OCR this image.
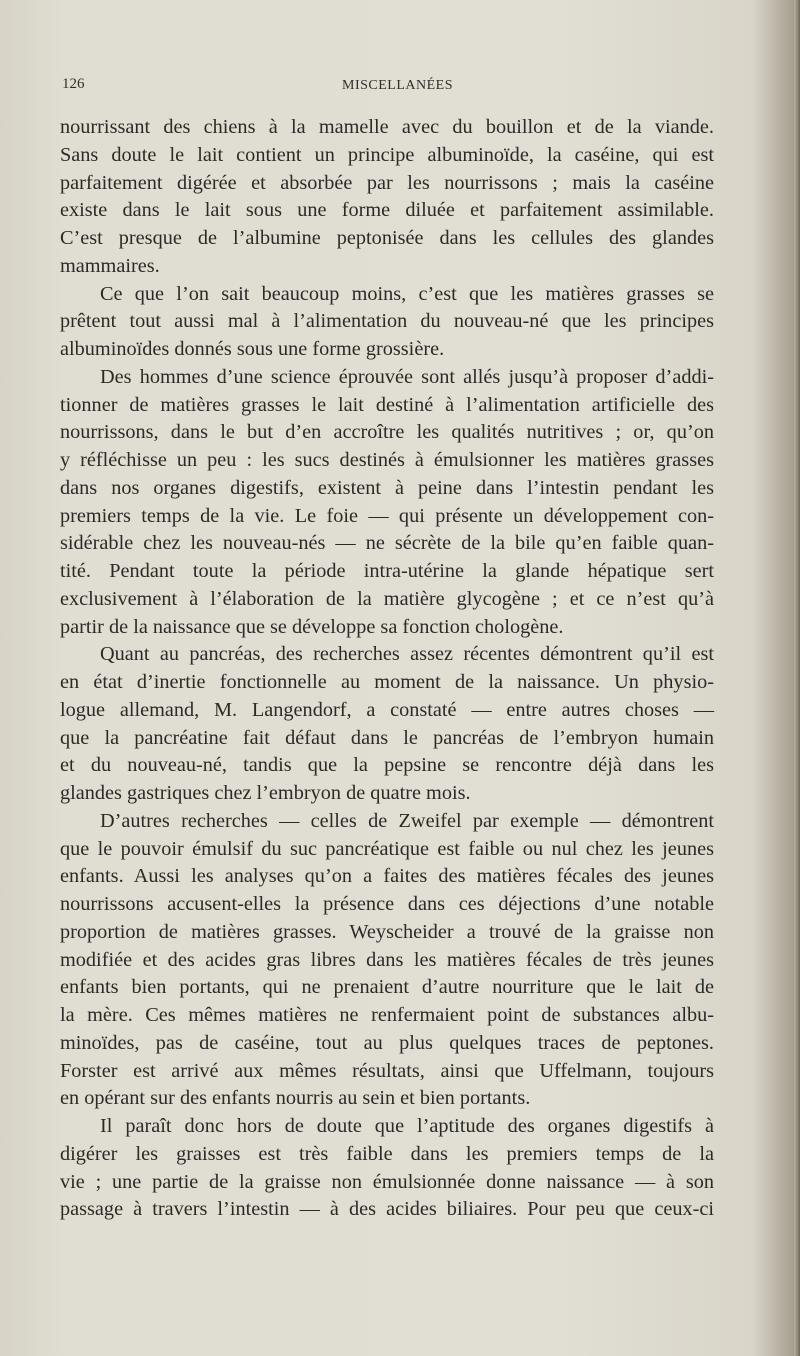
126	MISCELLANÉES

nourrissant des chiens à la mamelle avec du bouillon et de la viande.

Sans doute le lait contient un principe albuminoïde, la caséine, qui est

parfaitement digérée et absorbée par les nourrissons ; mais la caséine

existe dans le lait sous une forme diluée et parfaitement assimilable.

C’est presque de l’albumine peptonisée dans les cellules des glandes

mammaires.

Ce que l’on sait beaucoup moins, c’est que les matières grasses se

prêtent tout aussi mal à l’alimentation du nouveau-né que les principes

albuminoïdes donnés sous une forme grossière.

Des hommes d’une science éprouvée sont allés jusqu’à proposer d’addi-

tionner de matières grasses le lait destiné à l’alimentation artificielle des

nourrissons, dans le but d’en accroître les qualités nutritives ; or, qu’on

y réfléchisse un peu : les sucs destinés à émulsionner les matières grasses

dans nos organes digestifs, existent à peine dans l’intestin pendant les

premiers temps de la vie. Le foie — qui présente un développement con-

sidérable chez les nouveau-nés — ne sécrète de la bile qu’en faible quan-

tité. Pendant toute la période intra-utérine la glande hépatique sert

exclusivement à l’élaboration de la matière glycogène ; et ce n’est qu’à

partir de la naissance que se développe sa fonction chologène.

Quant au pancréas, des recherches assez récentes démontrent qu’il est

en état d’inertie fonctionnelle au moment de la naissance. Un physio-

logue allemand, M. Langendorf, a constaté — entre autres choses —

que la pancréatine fait défaut dans le pancréas de l’embryon humain

et du nouveau-né, tandis que la pepsine se rencontre déjà dans les

glandes gastriques chez l’embryon de quatre mois.

D’autres recherches — celles de Zweifel par exemple — démontrent

que le pouvoir émulsif du suc pancréatique est faible ou nul chez les jeunes

enfants. Aussi les analyses qu’on a faites des matières fécales des jeunes

nourrissons accusent-elles la présence dans ces déjections d’une notable

proportion de matières grasses. Weyscheider a trouvé de la graisse non

modifiée et des acides gras libres dans les matières fécales de très jeunes

enfants bien portants, qui ne prenaient d’autre nourriture que le lait de

la mère. Ces mêmes matières ne renfermaient point de substances albu-

minoïdes, pas de caséine, tout au plus quelques traces de peptones.

Forster est arrivé aux mêmes résultats, ainsi que Uffelmann, toujours

en opérant sur des enfants nourris au sein et bien portants.

Il paraît donc hors de doute que l’aptitude des organes digestifs à

digérer les graisses est très faible dans les premiers temps de la

vie ; une partie de la graisse non émulsionnée donne naissance — à son

passage à travers l’intestin — à des acides biliaires. Pour peu que ceux-ci
